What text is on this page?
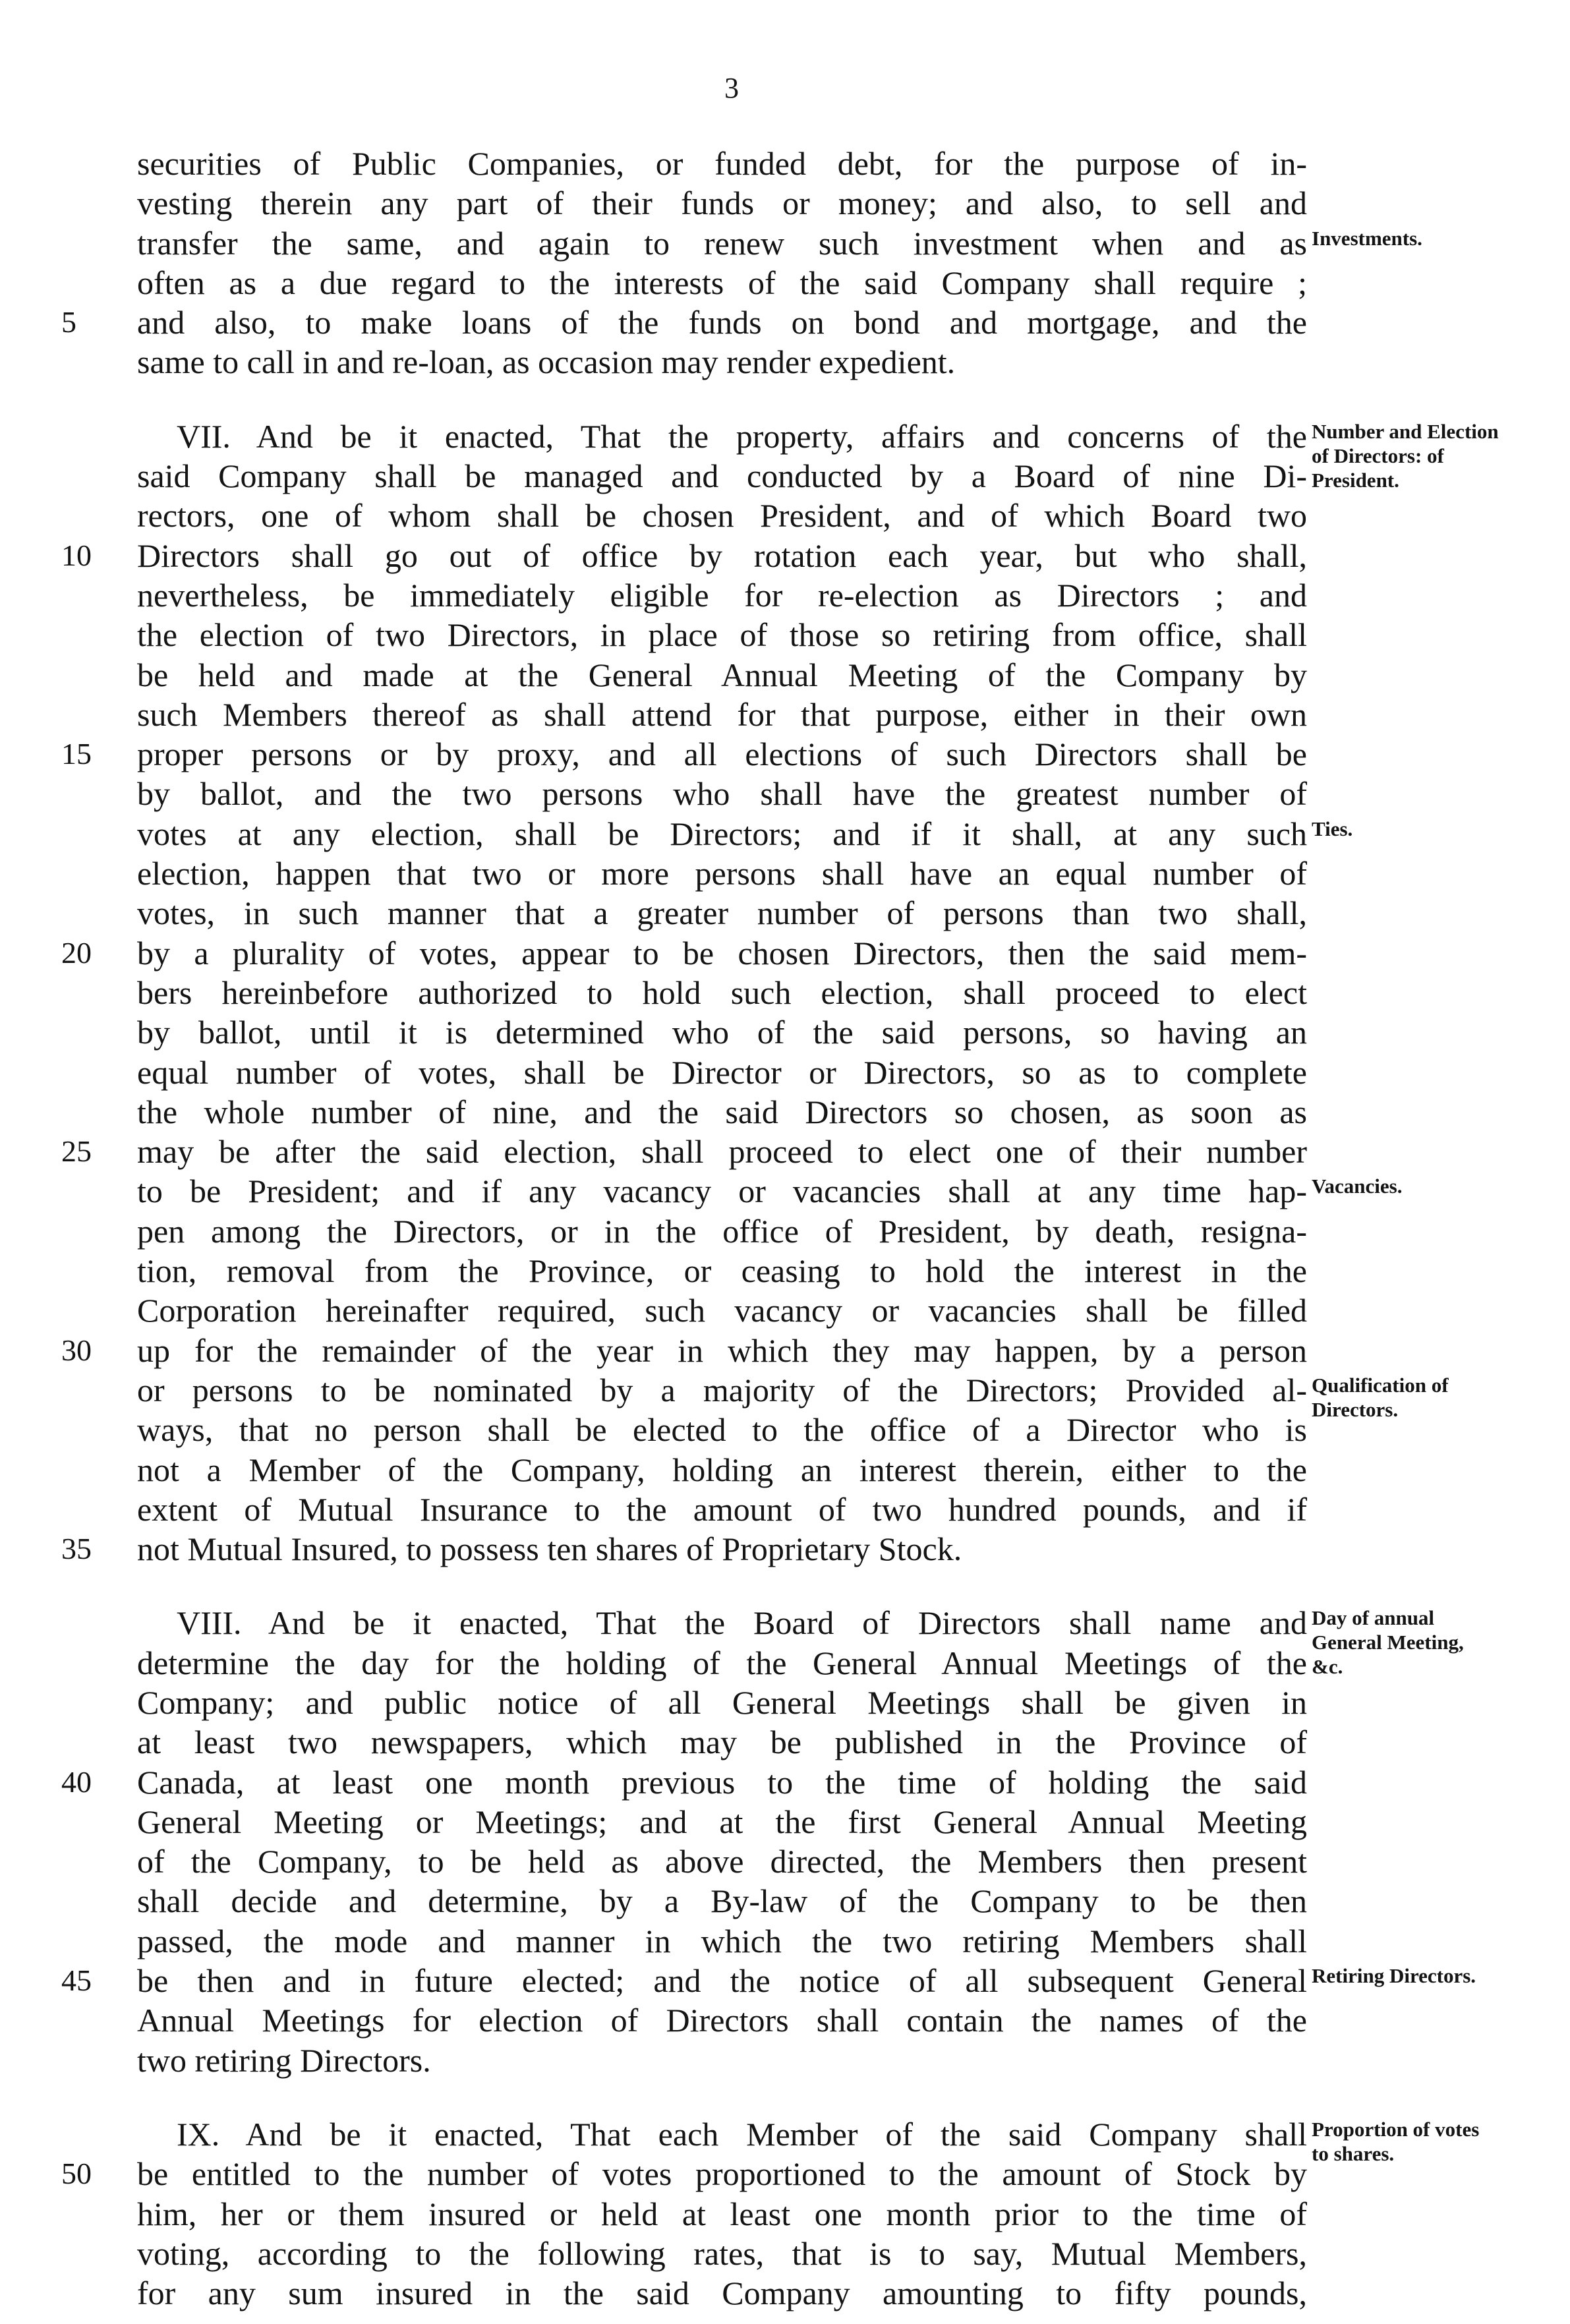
3
securities of Public Companies, or funded debt, for the purpose of in-
vesting therein any part of their funds or money; and also, to sell and
transfer the same, and again to renew such investment when and as
often as a due regard to the interests of the said Company shall require ;
and also, to make loans of the funds on bond and mortgage, and the
5
same to call in and re-loan, as occasion may render expedient.
VII. And be it enacted, That the property, affairs and concerns of the
said Company shall be managed and conducted by a Board of nine Di-
rectors, one of whom shall be chosen President, and of which Board two
Directors shall go out of office by rotation each year, but who shall,
10
nevertheless, be immediately eligible for re-election as Directors ; and
the election of two Directors, in place of those so retiring from office, shall
be held and made at the General Annual Meeting of the Company by
such Members thereof as shall attend for that purpose, either in their own
proper persons or by proxy, and all elections of such Directors shall be
15
by ballot, and the two persons who shall have the greatest number of
votes at any election, shall be Directors; and if it shall, at any such
election, happen that two or more persons shall have an equal number of
votes, in such manner that a greater number of persons than two shall,
by a plurality of votes, appear to be chosen Directors, then the said mem-
20
bers hereinbefore authorized to hold such election, shall proceed to elect
by ballot, until it is determined who of the said persons, so having an
equal number of votes, shall be Director or Directors, so as to complete
the whole number of nine, and the said Directors so chosen, as soon as
may be after the said election, shall proceed to elect one of their number
25
to be President; and if any vacancy or vacancies shall at any time hap-
pen among the Directors, or in the office of President, by death, resigna-
tion, removal from the Province, or ceasing to hold the interest in the
Corporation hereinafter required, such vacancy or vacancies shall be filled
up for the remainder of the year in which they may happen, by a person
30
or persons to be nominated by a majority of the Directors; Provided al-
ways, that no person shall be elected to the office of a Director who is
not a Member of the Company, holding an interest therein, either to the
extent of Mutual Insurance to the amount of two hundred pounds, and if
not Mutual Insured, to possess ten shares of Proprietary Stock.
35
VIII. And be it enacted, That the Board of Directors shall name and
determine the day for the holding of the General Annual Meetings of the
Company; and public notice of all General Meetings shall be given in
at least two newspapers, which may be published in the Province of
Canada, at least one month previous to the time of holding the said
40
General Meeting or Meetings; and at the first General Annual Meeting
of the Company, to be held as above directed, the Members then present
shall decide and determine, by a By-law of the Company to be then
passed, the mode and manner in which the two retiring Members shall
be then and in future elected; and the notice of all subsequent General
45
Annual Meetings for election of Directors shall contain the names of the
two retiring Directors.
IX. And be it enacted, That each Member of the said Company shall
be entitled to the number of votes proportioned to the amount of Stock by
50
him, her or them insured or held at least one month prior to the time of
voting, according to the following rates, that is to say, Mutual Members,
for any sum insured in the said Company amounting to fifty pounds,
Investments.
Number and Election of Directors: of President.
Ties.
Vacancies.
Qualification of Directors.
Day of annual General Meeting, &c.
Retiring Directors.
Proportion of votes to shares.
